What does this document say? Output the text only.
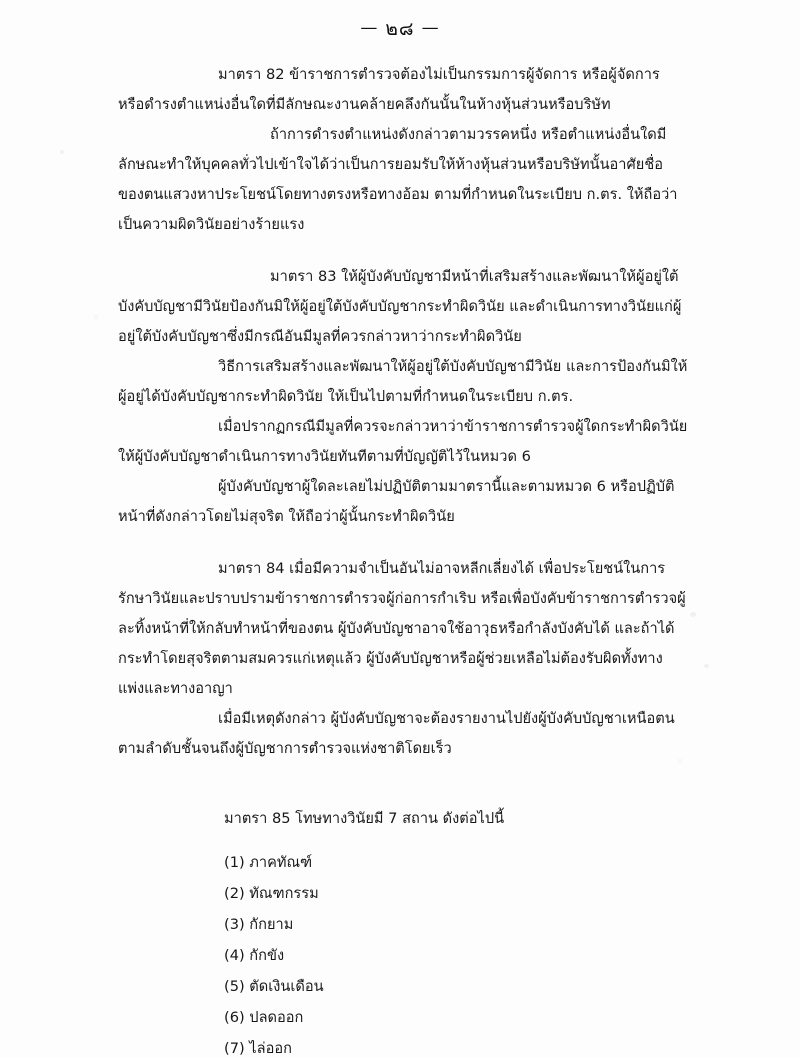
— ๒๘ —

มาตรา 82 ข้าราชการตำรวจต้องไม่เป็นกรรมการผู้จัดการ หรือผู้จัดการ หรือดำรงตำแหน่งอื่นใดที่มีลักษณะงานคล้ายคลึงกันนั้นในห้างหุ้นส่วนหรือบริษัท

ถ้าการดำรงตำแหน่งดังกล่าวตามวรรคหนึ่ง หรือตำแหน่งอื่นใดมีลักษณะทำให้บุคคลทั่วไปเข้าใจได้ว่าเป็นการยอมรับให้ห้างหุ้นส่วนหรือบริษัทนั้นอาศัยชื่อของตนแสวงหาประโยชน์โดยทางตรงหรือทางอ้อม ตามที่กำหนดในระเบียบ ก.ตร. ให้ถือว่าเป็นความผิดวินัยอย่างร้ายแรง

มาตรา 83 ให้ผู้บังคับบัญชามีหน้าที่เสริมสร้างและพัฒนาให้ผู้อยู่ใต้บังคับบัญชามีวินัยป้องกันมิให้ผู้อยู่ใต้บังคับบัญชากระทำผิดวินัย และดำเนินการทางวินัยแก่ผู้อยู่ใต้บังคับบัญชาซึ่งมีกรณีอันมีมูลที่ควรกล่าวหาว่ากระทำผิดวินัย

วิธีการเสริมสร้างและพัฒนาให้ผู้อยู่ใต้บังคับบัญชามีวินัย และการป้องกันมิให้ผู้อยู่ได้บังคับบัญชากระทำผิดวินัย ให้เป็นไปตามที่กำหนดในระเบียบ ก.ตร.

เมื่อปรากฏกรณีมีมูลที่ควรจะกล่าวหาว่าข้าราชการตำรวจผู้ใดกระทำผิดวินัยให้ผู้บังคับบัญชาดำเนินการทางวินัยทันทีตามที่บัญญัติไว้ในหมวด 6

ผู้บังคับบัญชาผู้ใดละเลยไม่ปฏิบัติตามมาตรานี้และตามหมวด 6 หรือปฏิบัติหน้าที่ดังกล่าวโดยไม่สุจริต ให้ถือว่าผู้นั้นกระทำผิดวินัย

มาตรา 84 เมื่อมีความจำเป็นอันไม่อาจหลีกเลี่ยงได้ เพื่อประโยชน์ในการรักษาวินัยและปราบปรามข้าราชการตำรวจผู้ก่อการกำเริบ หรือเพื่อบังคับข้าราชการตำรวจผู้ละทิ้งหน้าที่ให้กลับทำหน้าที่ของตน ผู้บังคับบัญชาอาจใช้อาวุธหรือกำลังบังคับได้ และถ้าได้กระทำโดยสุจริตตามสมควรแก่เหตุแล้ว ผู้บังคับบัญชาหรือผู้ช่วยเหลือไม่ต้องรับผิดทั้งทางแพ่งและทางอาญา

เมื่อมีเหตุดังกล่าว ผู้บังคับบัญชาจะต้องรายงานไปยังผู้บังคับบัญชาเหนือตน ตามลำดับชั้นจนถึงผู้บัญชาการตำรวจแห่งชาติโดยเร็ว

มาตรา 85 โทษทางวินัยมี 7 สถาน ดังต่อไปนี้

(1) ภาคทัณฑ์

(2) ทัณฑกรรม

(3) กักยาม

(4) กักขัง

(5) ตัดเงินเดือน

(6) ปลดออก

(7) ไล่ออก
